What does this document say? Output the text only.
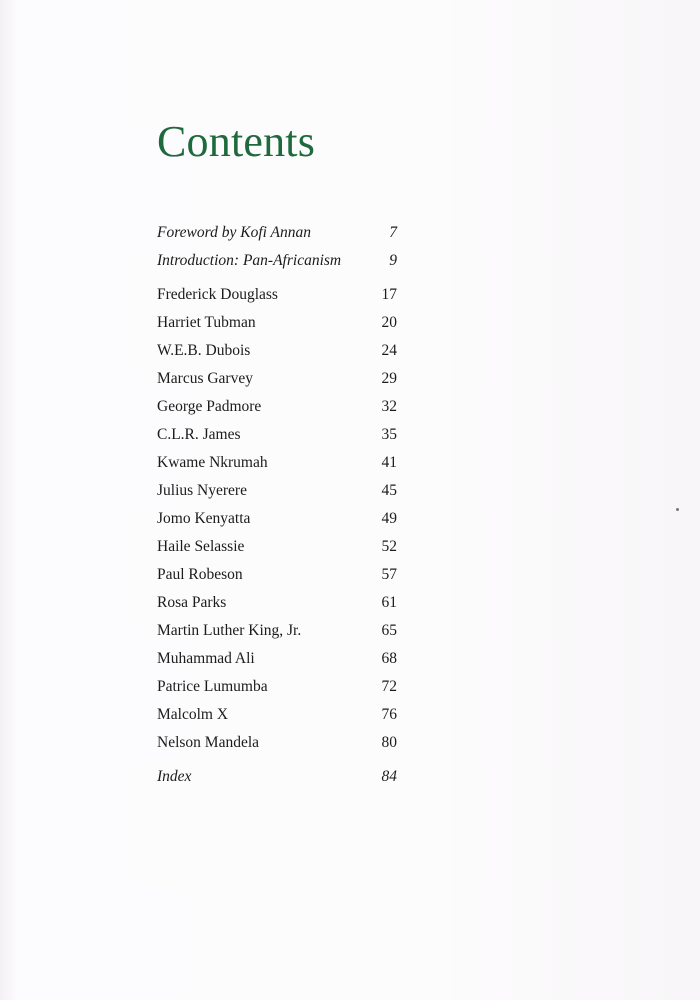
Contents
Foreword by Kofi Annan	7
Introduction: Pan-Africanism	9
Frederick Douglass	17
Harriet Tubman	20
W.E.B. Dubois	24
Marcus Garvey	29
George Padmore	32
C.L.R. James	35
Kwame Nkrumah	41
Julius Nyerere	45
Jomo Kenyatta	49
Haile Selassie	52
Paul Robeson	57
Rosa Parks	61
Martin Luther King, Jr.	65
Muhammad Ali	68
Patrice Lumumba	72
Malcolm X	76
Nelson Mandela	80
Index	84
